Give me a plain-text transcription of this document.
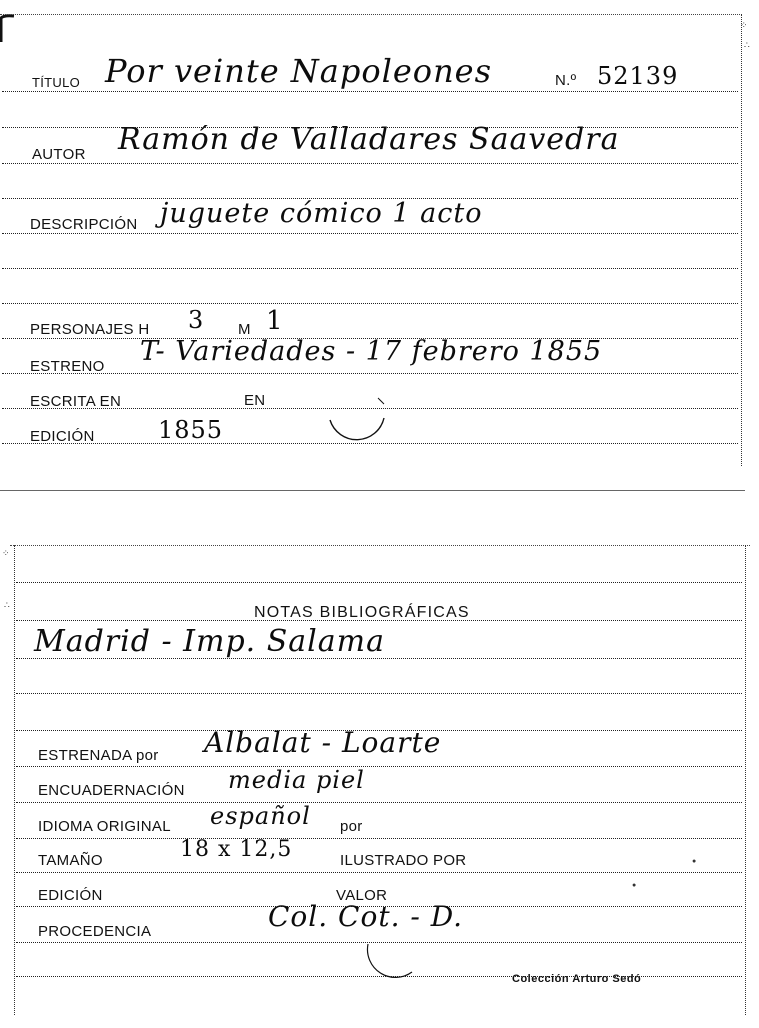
TÍTULO Por veinte Napoleones	N.º 52139
AUTOR Ramón de Valladares Saavedra
DESCRIPCIÓN juguete cómico 1 acto
PERSONAJES H 3 M 1
ESTRENO T- Variedades - 17 febrero 1855
ESCRITA EN	EN
EDICIÓN	1855
⁘
∴
⁘
∴	NOTAS BIBLIOGRÁFICAS
Madrid - Imp. Salama
ESTRENADA por Albalat - Loarte
ENCUADERNACIÓN media piel
IDIOMA ORIGINAL español por
TAMAÑO	18 x 12,5	ILUSTRADO POR
EDICIÓN	VALOR
PROCEDENCIA	Col. Cot. - D.
●
●
Colección Arturo Sedó
